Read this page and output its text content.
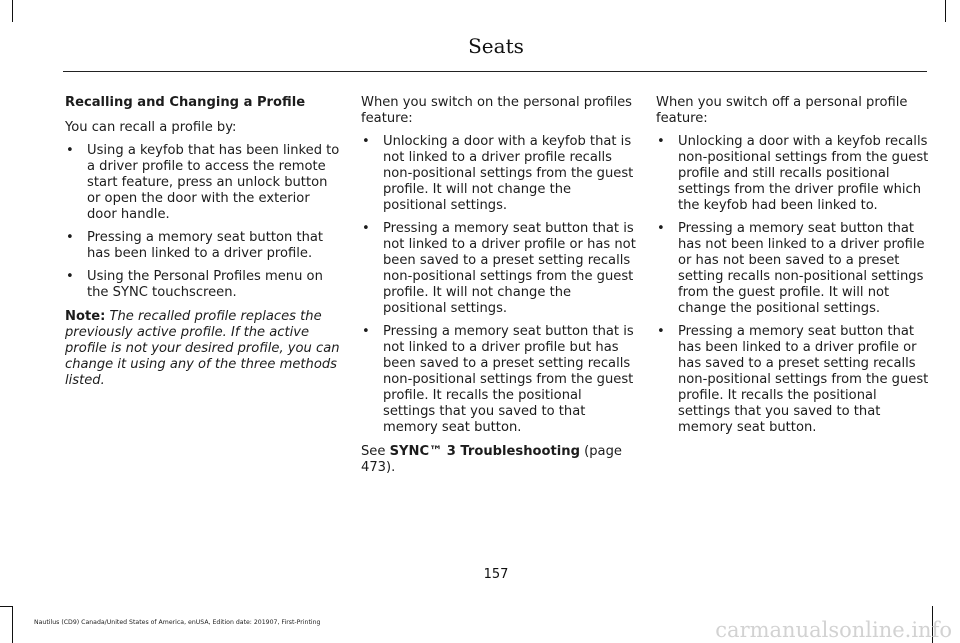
Seats

Recalling and Changing a Profile

You can recall a profile by:

• Using a keyfob that has been linked to a driver profile to access the remote start feature, press an unlock button or open the door with the exterior door handle.
• Pressing a memory seat button that has been linked to a driver profile.
• Using the Personal Profiles menu on the SYNC touchscreen.

Note: The recalled profile replaces the previously active profile. If the active profile is not your desired profile, you can change it using any of the three methods listed.

When you switch on the personal profiles feature:

• Unlocking a door with a keyfob that is not linked to a driver profile recalls non-positional settings from the guest profile. It will not change the positional settings.
• Pressing a memory seat button that is not linked to a driver profile or has not been saved to a preset setting recalls non-positional settings from the guest profile. It will not change the positional settings.
• Pressing a memory seat button that is not linked to a driver profile but has been saved to a preset setting recalls non-positional settings from the guest profile. It recalls the positional settings that you saved to that memory seat button.

See SYNC™ 3 Troubleshooting (page 473).

When you switch off a personal profile feature:

• Unlocking a door with a keyfob recalls non-positional settings from the guest profile and still recalls positional settings from the driver profile which the keyfob had been linked to.
• Pressing a memory seat button that has not been linked to a driver profile or has not been saved to a preset setting recalls non-positional settings from the guest profile. It will not change the positional settings.
• Pressing a memory seat button that has been linked to a driver profile or has saved to a preset setting recalls non-positional settings from the guest profile. It recalls the positional settings that you saved to that memory seat button.
157
Nautilus (CD9) Canada/United States of America, enUSA, Edition date: 201907, First-Printing	carmanualsonline.info
